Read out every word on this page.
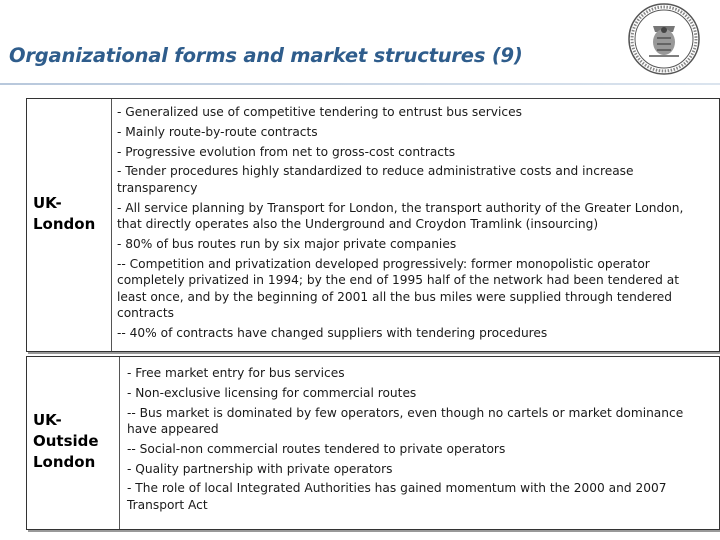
Organizational forms and market structures (9)
UK-
London
- Generalized use of competitive tendering to entrust bus services
- Mainly route-by-route contracts
- Progressive evolution from net to gross-cost contracts
- Tender procedures highly standardized to reduce administrative costs and increase transparency
- All service planning by Transport for London, the transport authority of the Greater London, that directly operates also the Underground and Croydon Tramlink (insourcing)
- 80% of bus routes run by six major private companies
-- Competition and privatization developed progressively: former monopolistic operator completely privatized in 1994; by the end of 1995 half of the network had been tendered at least once, and by the beginning of 2001 all the bus miles were supplied through tendered contracts
-- 40% of contracts have changed suppliers with tendering procedures
UK-
Outside
London
- Free market entry for bus services
- Non-exclusive licensing for commercial routes
-- Bus market is dominated by few operators, even though no cartels or market dominance have appeared
-- Social-non commercial routes tendered to private operators
- Quality partnership with private operators
- The role of local Integrated Authorities has gained momentum with the 2000 and 2007 Transport Act
